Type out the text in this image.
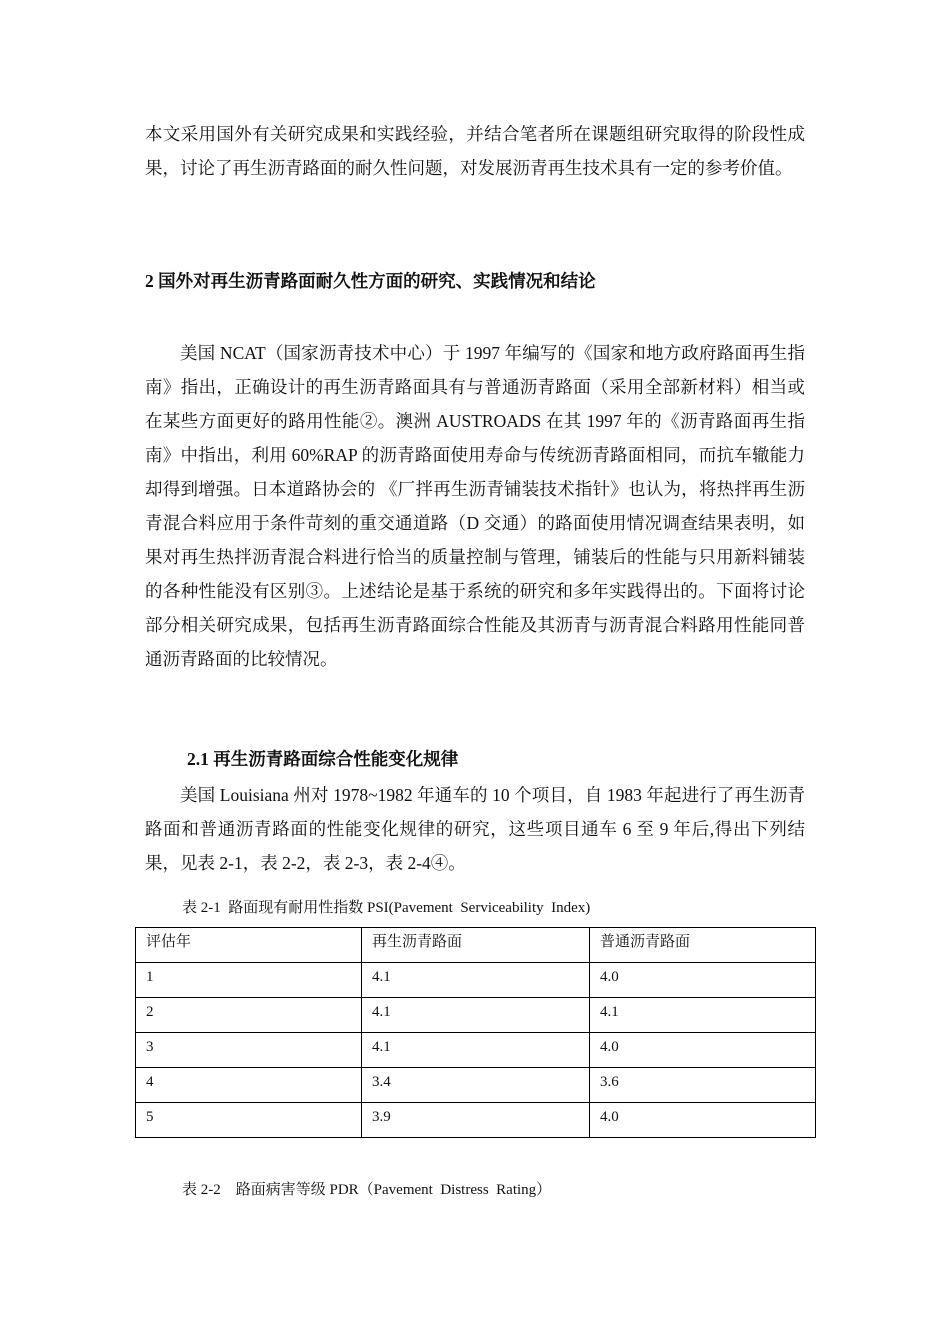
本文采用国外有关研究成果和实践经验，并结合笔者所在课题组研究取得的阶段性成果，讨论了再生沥青路面的耐久性问题，对发展沥青再生技术具有一定的参考价值。

2 国外对再生沥青路面耐久性方面的研究、实践情况和结论

美国 NCAT（国家沥青技术中心）于 1997 年编写的《国家和地方政府路面再生指南》指出，正确设计的再生沥青路面具有与普通沥青路面（采用全部新材料）相当或在某些方面更好的路用性能②。澳洲 AUSTROADS 在其 1997 年的《沥青路面再生指南》中指出，利用 60%RAP 的沥青路面使用寿命与传统沥青路面相同，而抗车辙能力却得到增强。日本道路协会的 《厂拌再生沥青铺装技术指针》也认为，将热拌再生沥青混合料应用于条件苛刻的重交通道路（D 交通）的路面使用情况调查结果表明，如果对再生热拌沥青混合料进行恰当的质量控制与管理，铺装后的性能与只用新料铺装的各种性能没有区别③。上述结论是基于系统的研究和多年实践得出的。下面将讨论部分相关研究成果，包括再生沥青路面综合性能及其沥青与沥青混合料路用性能同普通沥青路面的比较情况。

2.1 再生沥青路面综合性能变化规律

美国 Louisiana 州对 1978~1982 年通车的 10 个项目，自 1983 年起进行了再生沥青路面和普通沥青路面的性能变化规律的研究，这些项目通车 6 至 9 年后,得出下列结果，见表 2-1，表 2-2，表 2-3，表 2-4④。

表 2-1  路面现有耐用性指数 PSI(Pavement  Serviceability  Index)

评估年	再生沥青路面	普通沥青路面
1	4.1	4.0
2	4.1	4.1
3	4.1	4.0
4	3.4	3.6
5	3.9	4.0

表 2-2    路面病害等级 PDR（Pavement  Distress  Rating）
